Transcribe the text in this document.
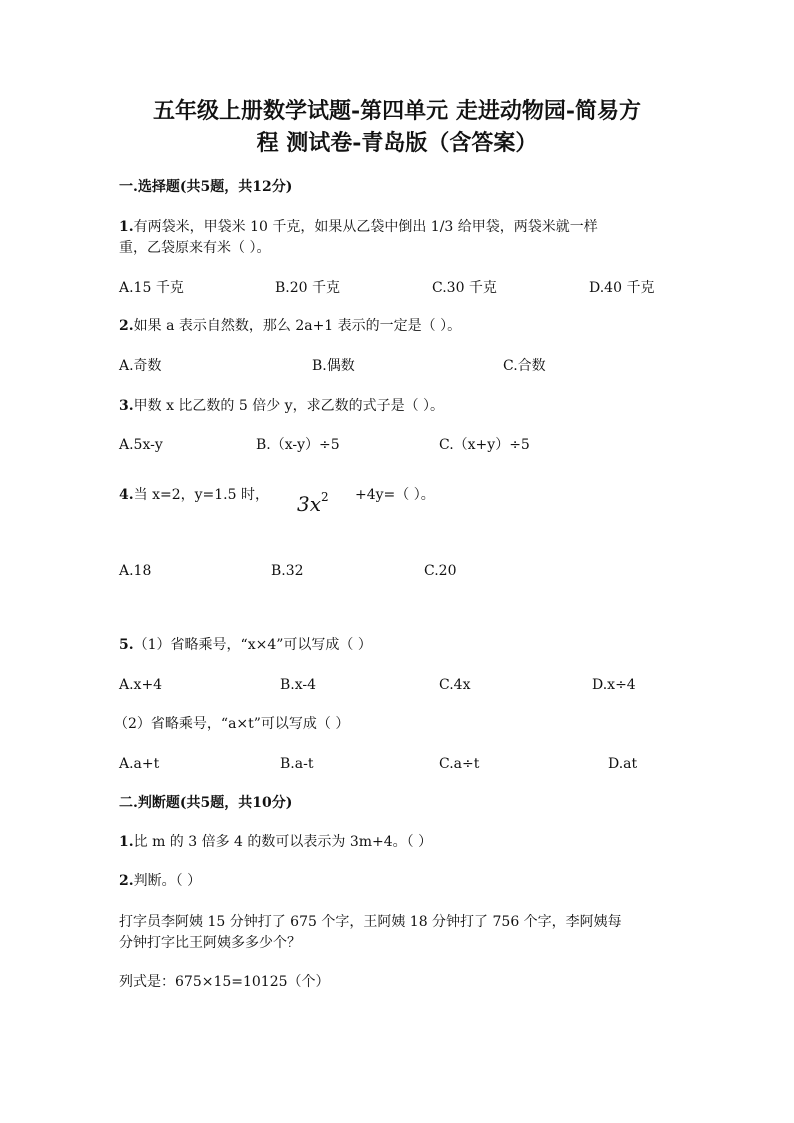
五年级上册数学试题-第四单元 走进动物园-简易方
程 测试卷-青岛版（含答案）
一.选择题(共5题，共12分)
1.有两袋米，甲袋米 10 千克，如果从乙袋中倒出 1/3 给甲袋，两袋米就一样
重，乙袋原来有米（ ）。
A.15 千克	B.20 千克	C.30 千克	D.40 千克
2.如果 a 表示自然数，那么 2a+1 表示的一定是（ ）。
A.奇数	B.偶数	C.合数
3.甲数 x 比乙数的 5 倍少 y，求乙数的式子是（ ）。
A.5x-y	B.（x-y）÷5	C.（x+y）÷5
4.当 x=2，y=1.5 时， $3x^2 +4y=$（ ）。
A.18	B.32	C.20
5.（1）省略乘号，“x×4”可以写成（ ）
A.x+4	B.x-4	C.4x	D.x÷4
（2）省略乘号，“a×t”可以写成（ ）
A.a+t	B.a-t	C.a÷t	D.at
二.判断题(共5题，共10分)
1.比 m 的 3 倍多 4 的数可以表示为 3m+4。（ ）
2.判断。（ ）
打字员李阿姨 15 分钟打了 675 个字，王阿姨 18 分钟打了 756 个字，李阿姨每
分钟打字比王阿姨多多少个？
列式是：675×15=10125（个）
